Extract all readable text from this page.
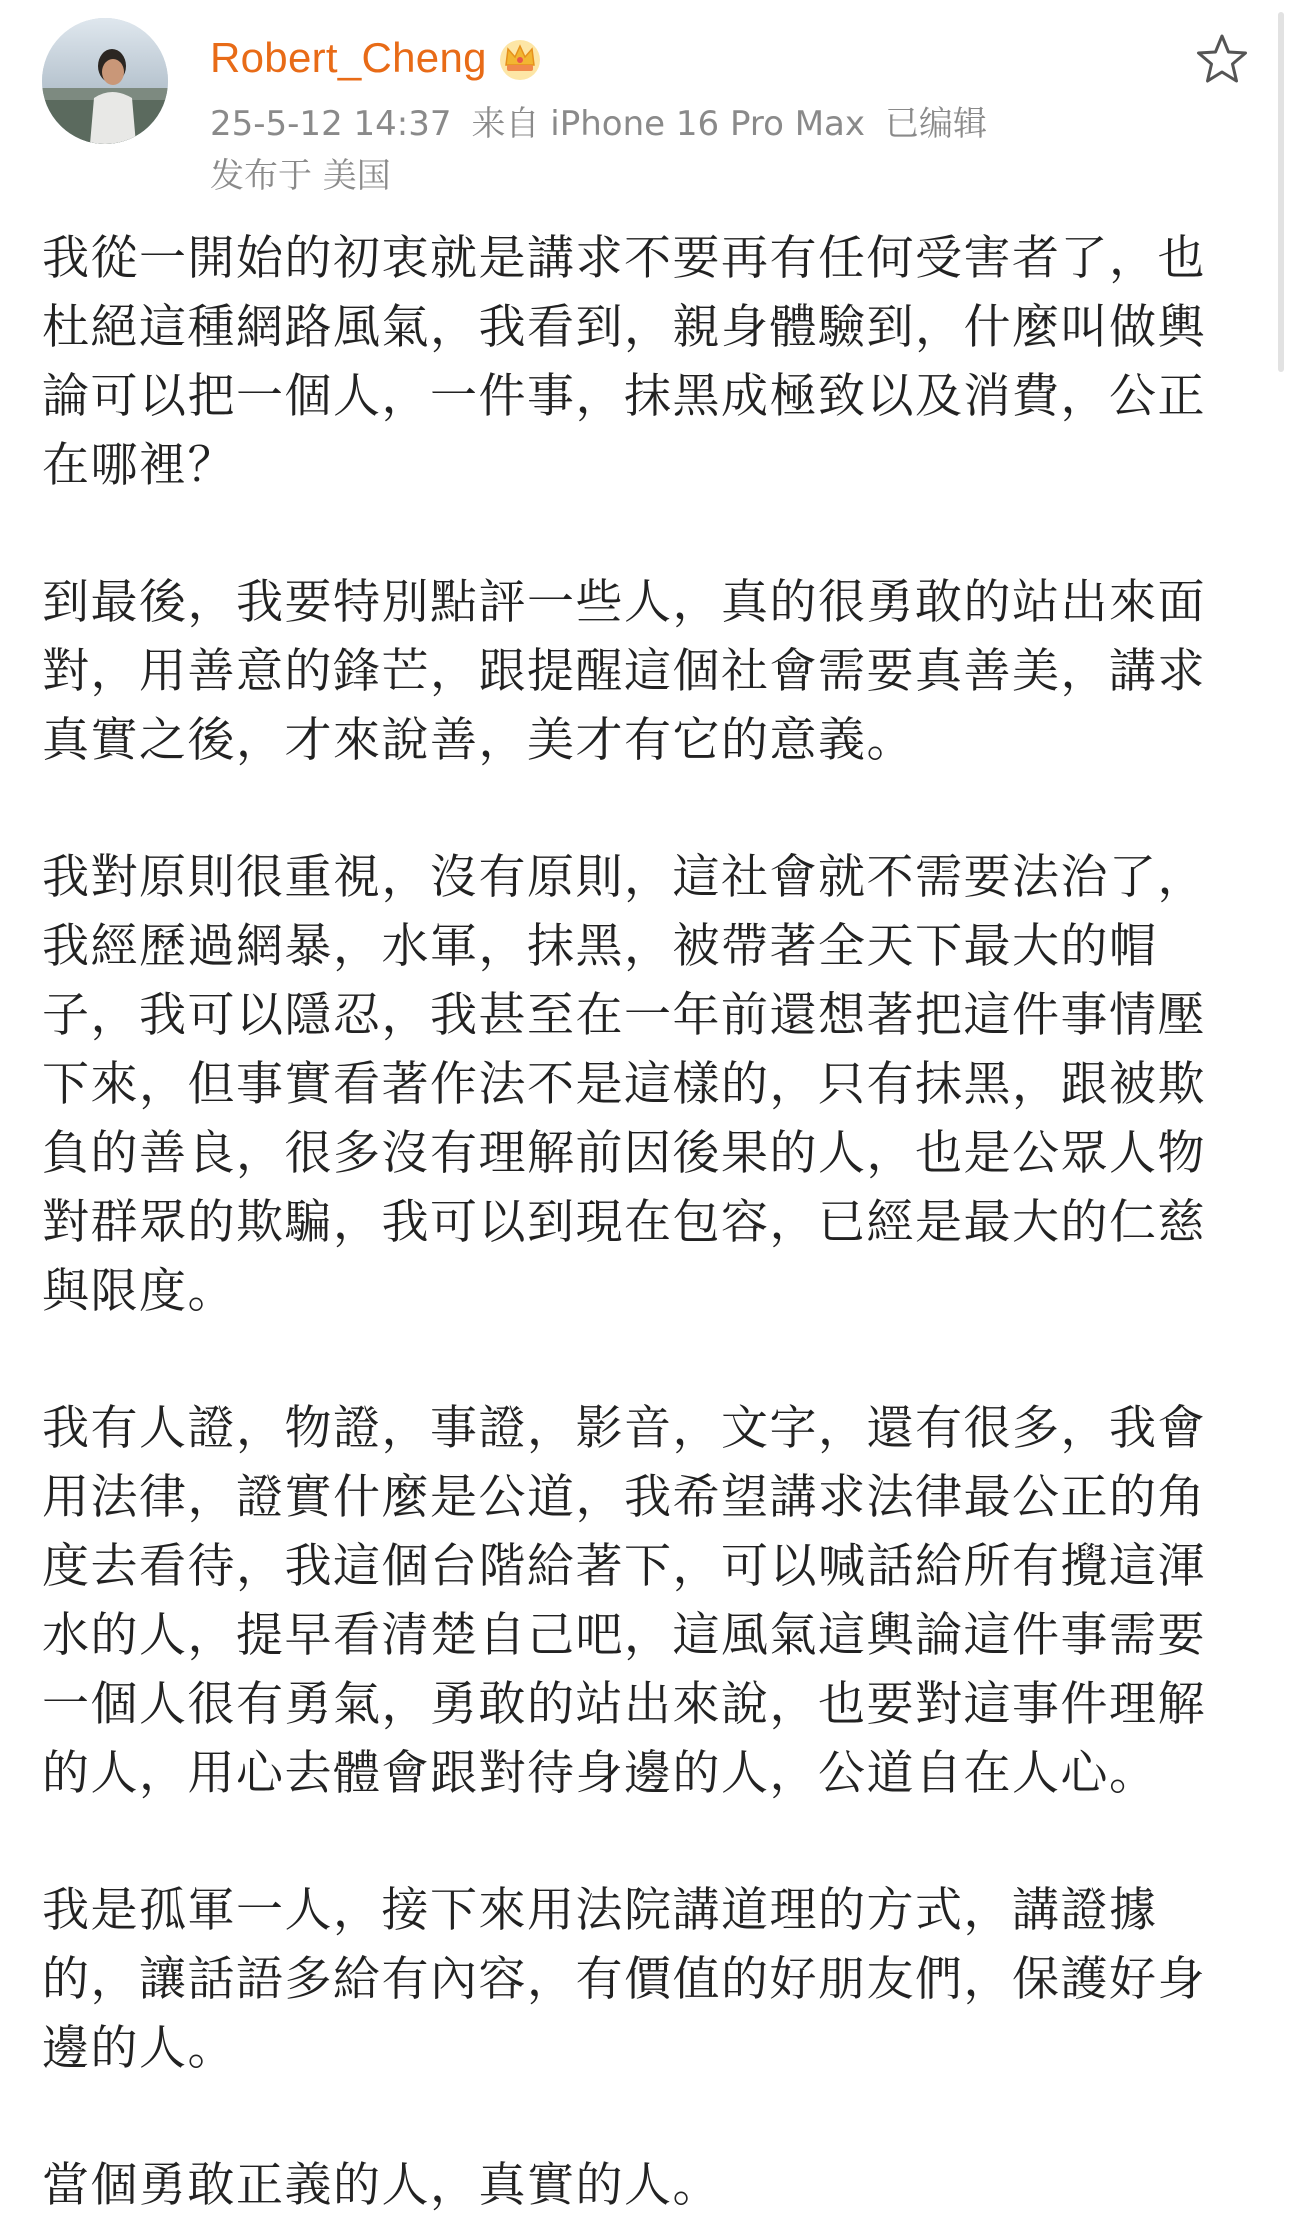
Robert_Cheng
25-5-12 14:37 来自 iPhone 16 Pro Max 已编辑
发布于 美国

我從一開始的初衷就是講求不要再有任何受害者了，也杜絕這種網路風氣，我看到，親身體驗到，什麼叫做輿論可以把一個人，一件事，抹黑成極致以及消費，公正在哪裡？

到最後，我要特別點評一些人，真的很勇敢的站出來面對，用善意的鋒芒，跟提醒這個社會需要真善美，講求真實之後，才來說善，美才有它的意義。

我對原則很重視，沒有原則，這社會就不需要法治了，我經歷過網暴，水軍，抹黑，被帶著全天下最大的帽子，我可以隱忍，我甚至在一年前還想著把這件事情壓下來，但事實看著作法不是這樣的，只有抹黑，跟被欺負的善良，很多沒有理解前因後果的人，也是公眾人物對群眾的欺騙，我可以到現在包容，已經是最大的仁慈與限度。

我有人證，物證，事證，影音，文字，還有很多，我會用法律，證實什麼是公道，我希望講求法律最公正的角度去看待，我這個台階給著下，可以喊話給所有攪這渾水的人，提早看清楚自己吧，這風氣這輿論這件事需要一個人很有勇氣，勇敢的站出來說，也要對這事件理解的人，用心去體會跟對待身邊的人，公道自在人心。

我是孤軍一人，接下來用法院講道理的方式，講證據的，讓話語多給有內容，有價值的好朋友們，保護好身邊的人。

當個勇敢正義的人，真實的人。
